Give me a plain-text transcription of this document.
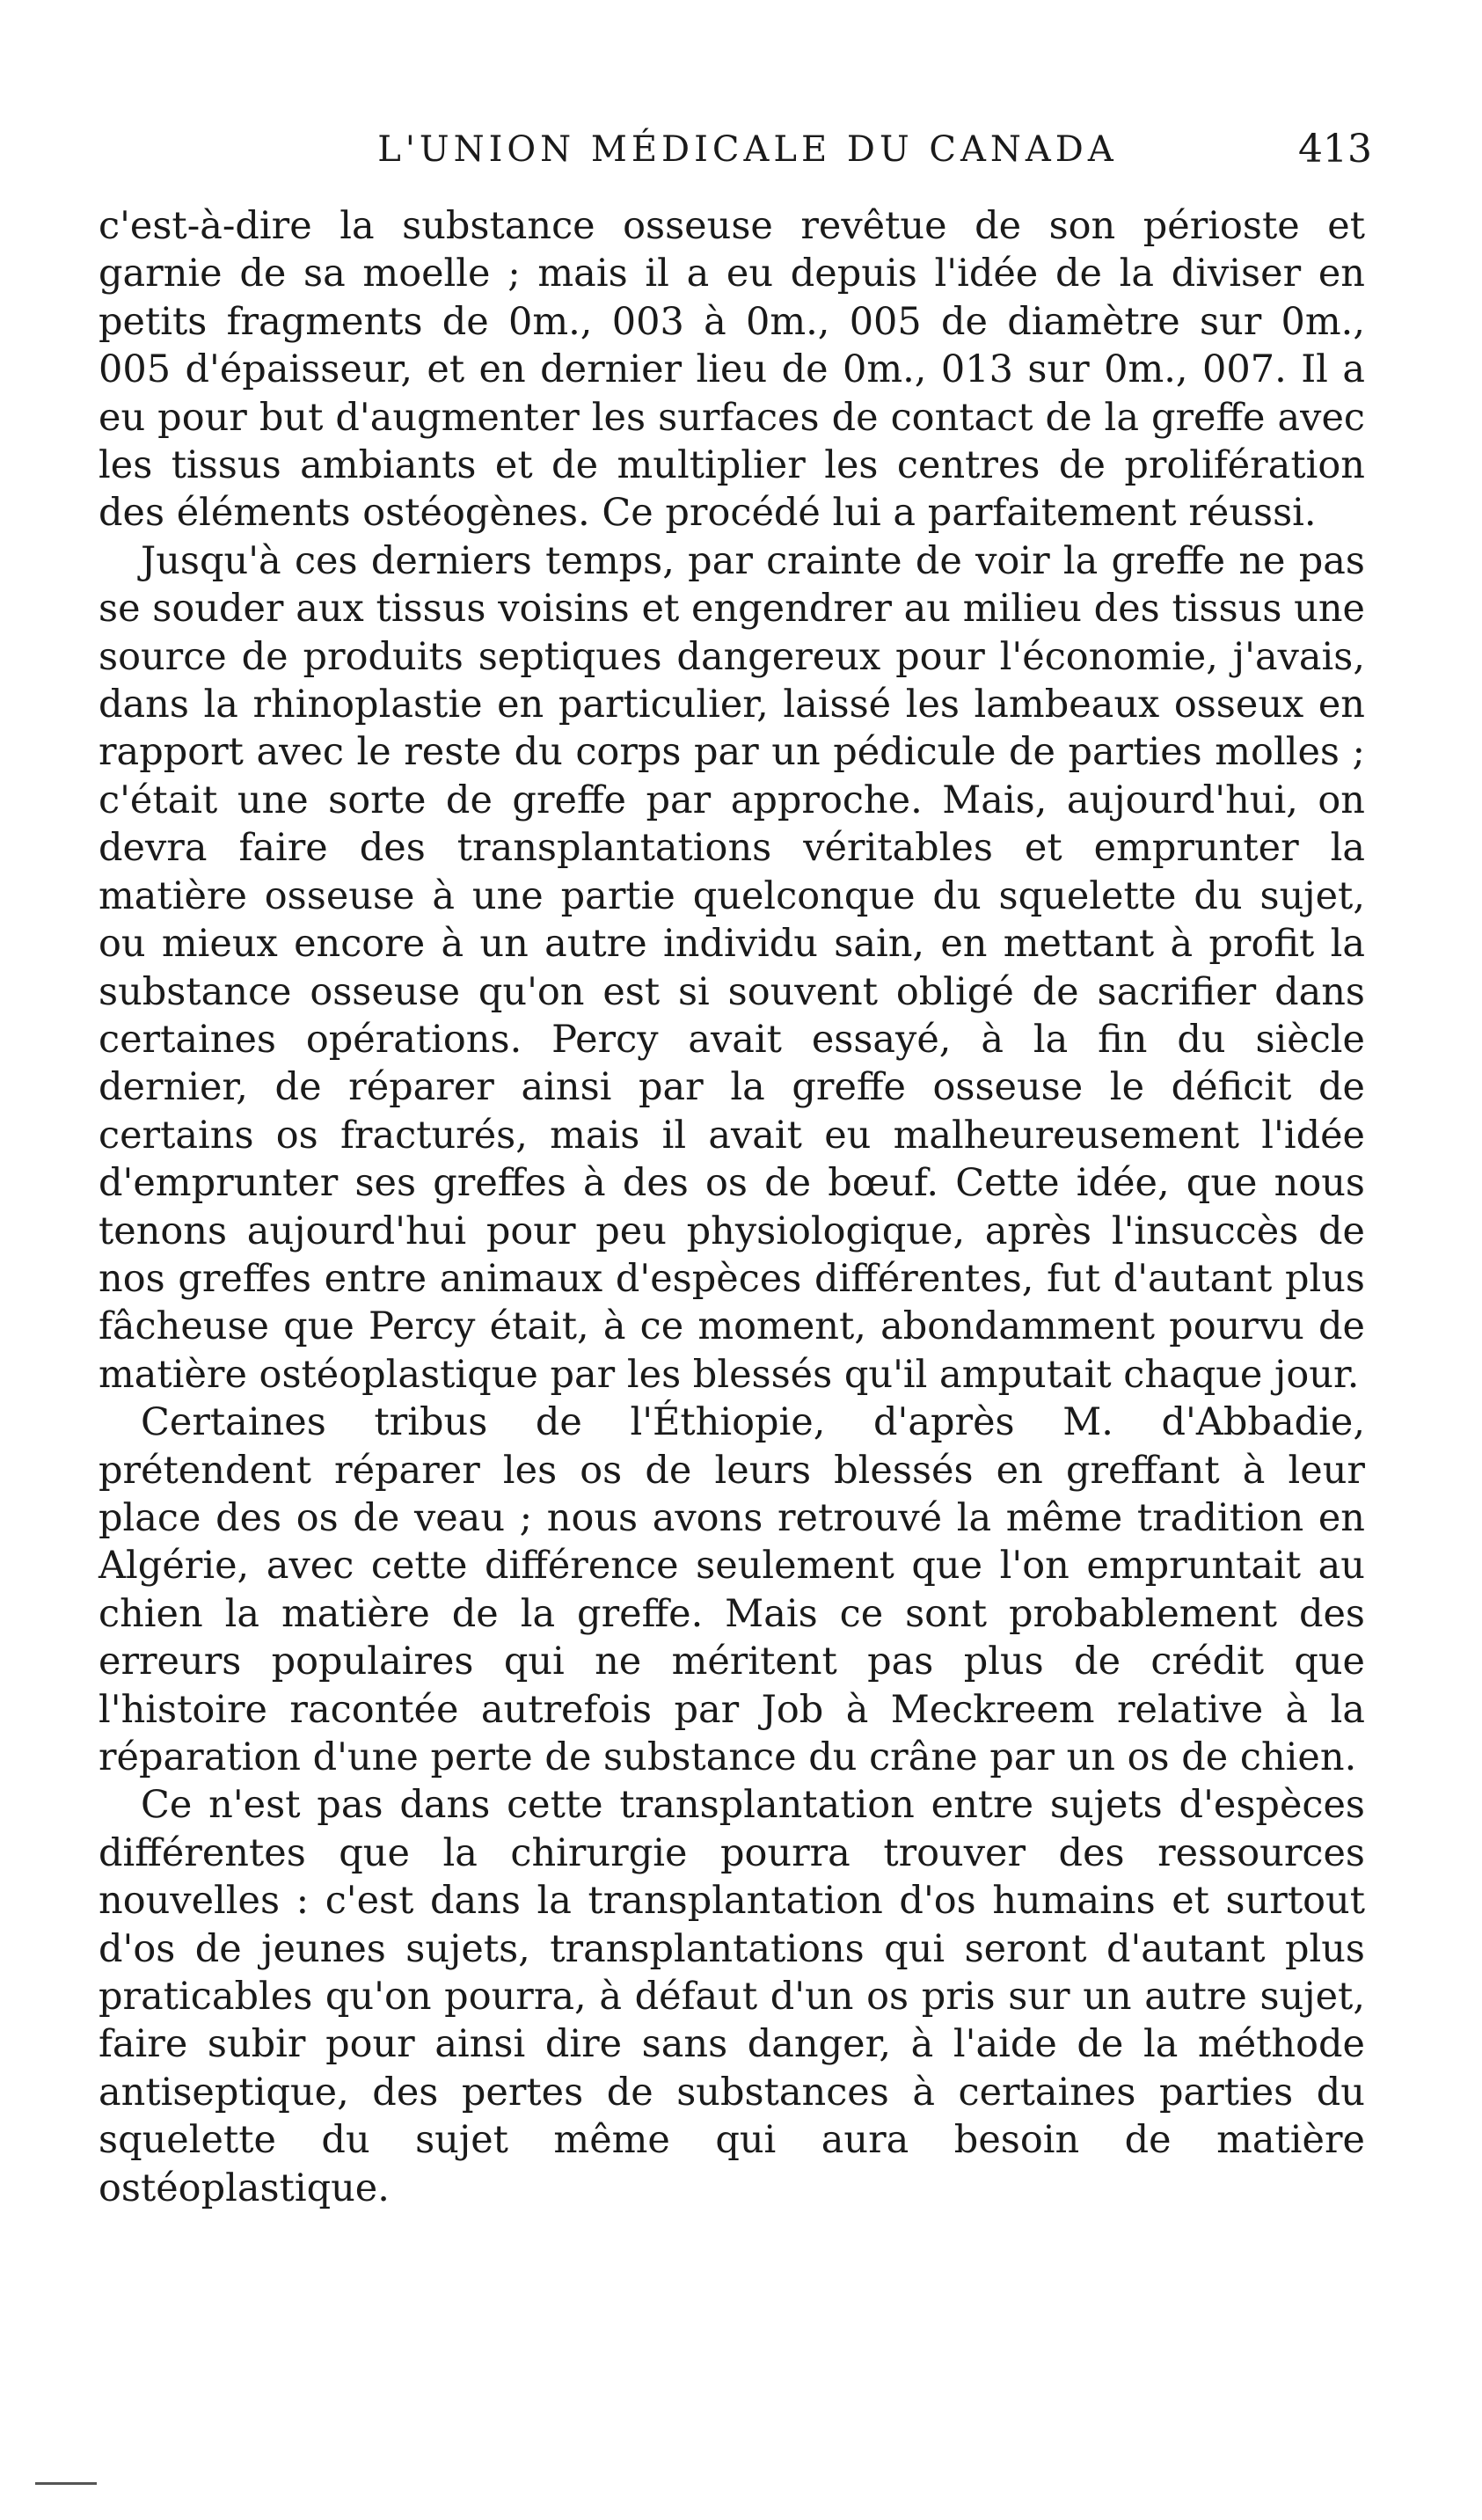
L'UNION MÉDICALE DU CANADA	413

c'est-à-dire la substance osseuse revêtue de son périoste et garnie de sa moelle ; mais il a eu depuis l'idée de la diviser en petits fragments de 0m., 003 à 0m., 005 de diamètre sur 0m., 005 d'épaisseur, et en dernier lieu de 0m., 013 sur 0m., 007. Il a eu pour but d'augmenter les surfaces de contact de la greffe avec les tissus ambiants et de multiplier les centres de prolifération des éléments ostéogènes. Ce procédé lui a parfaitement réussi.

Jusqu'à ces derniers temps, par crainte de voir la greffe ne pas se souder aux tissus voisins et engendrer au milieu des tissus une source de produits septiques dangereux pour l'économie, j'avais, dans la rhinoplastie en particulier, laissé les lambeaux osseux en rapport avec le reste du corps par un pédicule de parties molles ; c'était une sorte de greffe par approche. Mais, aujourd'hui, on devra faire des transplantations véritables et emprunter la matière osseuse à une partie quelconque du squelette du sujet, ou mieux encore à un autre individu sain, en mettant à profit la substance osseuse qu'on est si souvent obligé de sacrifier dans certaines opérations. Percy avait essayé, à la fin du siècle dernier, de réparer ainsi par la greffe osseuse le déficit de certains os fracturés, mais il avait eu malheureusement l'idée d'emprunter ses greffes à des os de bœuf. Cette idée, que nous tenons aujourd'hui pour peu physiologique, après l'insuccès de nos greffes entre animaux d'espèces différentes, fut d'autant plus fâcheuse que Percy était, à ce moment, abondamment pourvu de matière ostéoplastique par les blessés qu'il amputait chaque jour.

Certaines tribus de l'Éthiopie, d'après M. d'Abbadie, prétendent réparer les os de leurs blessés en greffant à leur place des os de veau ; nous avons retrouvé la même tradition en Algérie, avec cette différence seulement que l'on empruntait au chien la matière de la greffe. Mais ce sont probablement des erreurs populaires qui ne méritent pas plus de crédit que l'histoire racontée autrefois par Job à Meckreem relative à la réparation d'une perte de substance du crâne par un os de chien.

Ce n'est pas dans cette transplantation entre sujets d'espèces différentes que la chirurgie pourra trouver des ressources nouvelles : c'est dans la transplantation d'os humains et surtout d'os de jeunes sujets, transplantations qui seront d'autant plus praticables qu'on pourra, à défaut d'un os pris sur un autre sujet, faire subir pour ainsi dire sans danger, à l'aide de la méthode antiseptique, des pertes de substances à certaines parties du squelette du sujet même qui aura besoin de matière ostéoplastique.
